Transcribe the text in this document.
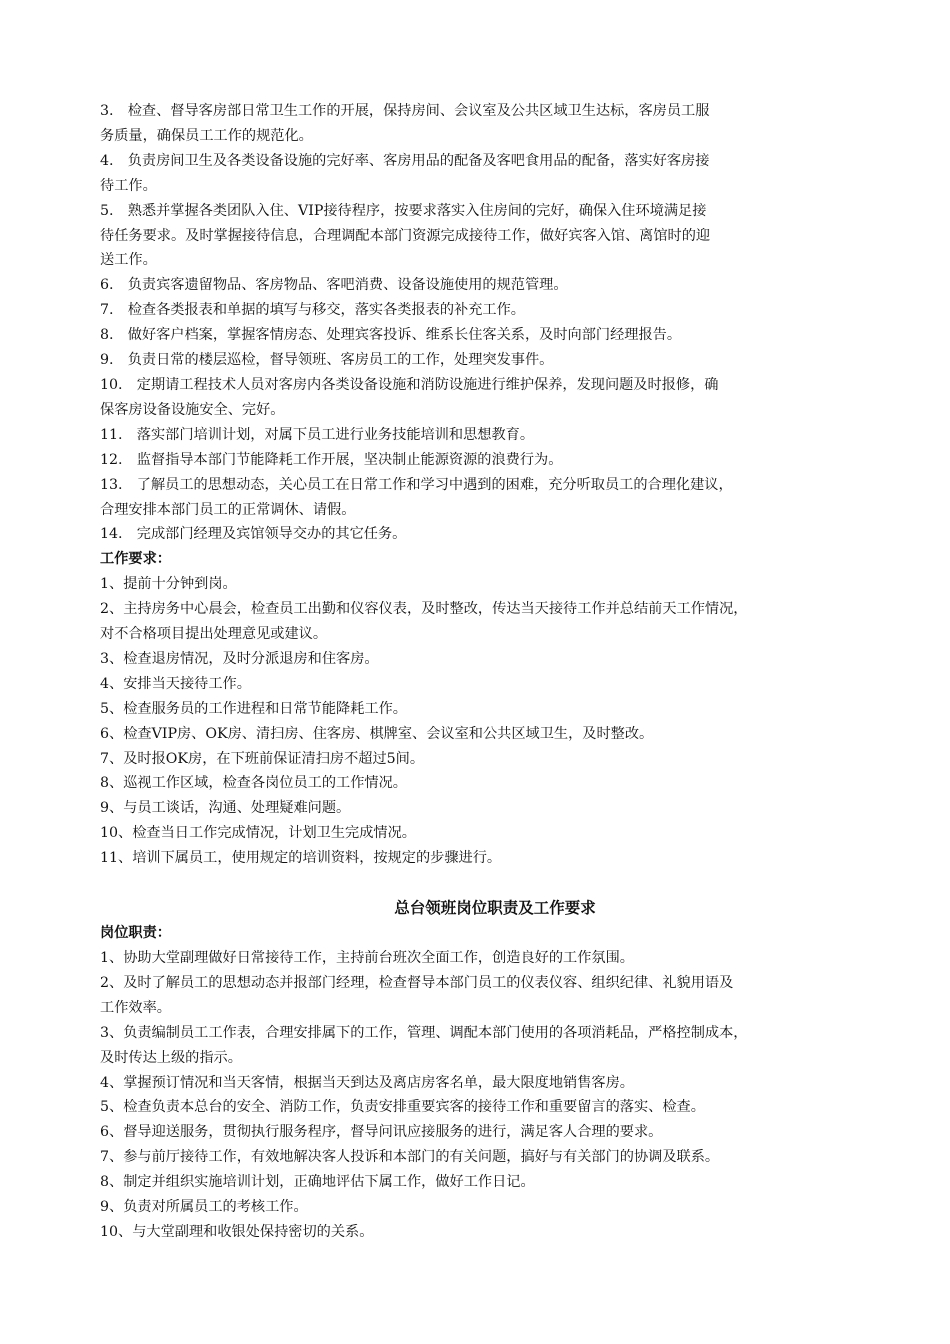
3.　检查、督导客房部日常卫生工作的开展，保持房间、会议室及公共区域卫生达标，客房员工服
务质量，确保员工工作的规范化。
4.　负责房间卫生及各类设备设施的完好率、客房用品的配备及客吧食用品的配备，落实好客房接
待工作。
5.　熟悉并掌握各类团队入住、VIP接待程序，按要求落实入住房间的完好，确保入住环境满足接
待任务要求。及时掌握接待信息，合理调配本部门资源完成接待工作，做好宾客入馆、离馆时的迎
送工作。
6.　负责宾客遗留物品、客房物品、客吧消费、设备设施使用的规范管理。
7.　检查各类报表和单据的填写与移交，落实各类报表的补充工作。
8.　做好客户档案，掌握客情房态、处理宾客投诉、维系长住客关系，及时向部门经理报告。
9.　负责日常的楼层巡检，督导领班、客房员工的工作，处理突发事件。
10.　定期请工程技术人员对客房内各类设备设施和消防设施进行维护保养，发现问题及时报修，确
保客房设备设施安全、完好。
11.　落实部门培训计划，对属下员工进行业务技能培训和思想教育。
12.　监督指导本部门节能降耗工作开展，坚决制止能源资源的浪费行为。
13.　了解员工的思想动态，关心员工在日常工作和学习中遇到的困难，充分听取员工的合理化建议，
合理安排本部门员工的正常调休、请假。
14.　完成部门经理及宾馆领导交办的其它任务。
工作要求：
1、提前十分钟到岗。
2、主持房务中心晨会，检查员工出勤和仪容仪表，及时整改，传达当天接待工作并总结前天工作情况，
对不合格项目提出处理意见或建议。
3、检查退房情况，及时分派退房和住客房。
4、安排当天接待工作。
5、检查服务员的工作进程和日常节能降耗工作。
6、检查VIP房、OK房、清扫房、住客房、棋牌室、会议室和公共区域卫生，及时整改。
7、及时报OK房，在下班前保证清扫房不超过5间。
8、巡视工作区域，检查各岗位员工的工作情况。
9、与员工谈话，沟通、处理疑难问题。
10、检查当日工作完成情况，计划卫生完成情况。
11、培训下属员工，使用规定的培训资料，按规定的步骤进行。
总台领班岗位职责及工作要求
岗位职责：
1、协助大堂副理做好日常接待工作，主持前台班次全面工作，创造良好的工作氛围。
2、及时了解员工的思想动态并报部门经理，检查督导本部门员工的仪表仪容、组织纪律、礼貌用语及
工作效率。
3、负责编制员工工作表，合理安排属下的工作，管理、调配本部门使用的各项消耗品，严格控制成本，
及时传达上级的指示。
4、掌握预订情况和当天客情，根据当天到达及离店房客名单，最大限度地销售客房。
5、检查负责本总台的安全、消防工作，负责安排重要宾客的接待工作和重要留言的落实、检查。
6、督导迎送服务，贯彻执行服务程序，督导问讯应接服务的进行，满足客人合理的要求。
7、参与前厅接待工作，有效地解决客人投诉和本部门的有关问题，搞好与有关部门的协调及联系。
8、制定并组织实施培训计划，正确地评估下属工作，做好工作日记。
9、负责对所属员工的考核工作。
10、与大堂副理和收银处保持密切的关系。
